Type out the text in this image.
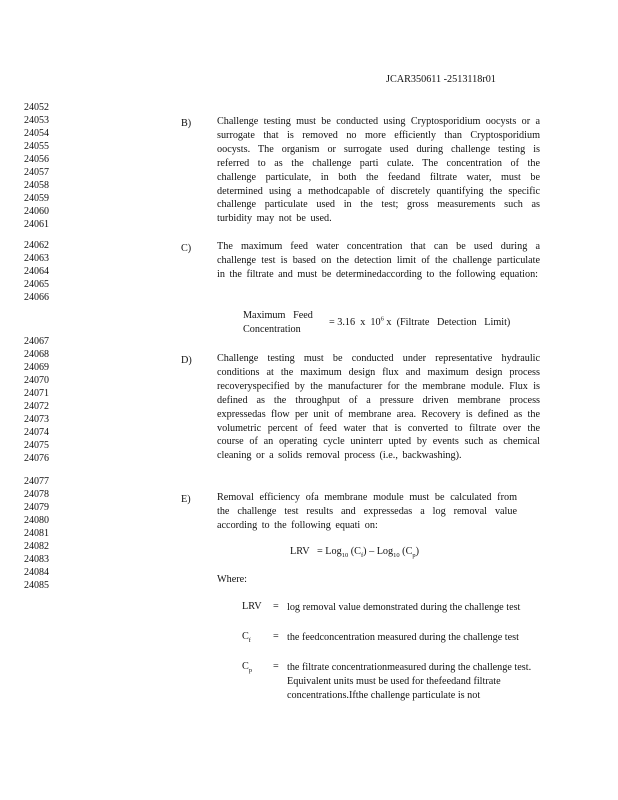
JCAR350611 -2513118r01
24052
24053
24054
24055
24056
24057
24058
24059
24060
24061
24062
24063
24064
24065
24066
24067
24068
24069
24070
24071
24072
24073
24074
24075
24076
24077
24078
24079
24080
24081
24082
24083
24084
24085
B)	Challenge testing must be conducted using Cryptosporidium oocysts or a surrogate that is removed no more efficiently than Cryptosporidium oocysts. The organism or surrogate used during challenge testing is referred to as the challenge parti culate. The concentration of the challenge particulate, in both the feedand filtrate water, must be determined using a methodcapable of discretely quantifying the specific challenge particulate used in the test; gross measurements such as turbidity may not be used.
C)	The maximum feed water concentration that can be used during a challenge test is based on the detection limit of the challenge particulate in the filtrate and must be determinedaccording to the following equation:
Maximum   Feed
Concentration
= 3.16  x  $10^6$ x  (Filtrate   Detection   Limit)
D) Challenge testing must be conducted under representative hydraulic conditions at the maximum design flux and maximum design process recoveryspecified by the manufacturer for the membrane module. Flux is defined as the throughput of a pressure driven membrane process expressedas flow per unit of membrane area. Recovery is defined as the volumetric percent of feed water that is converted to filtrate over the course of an operating cycle uninterr upted by events such as chemical cleaning or a solids removal process (i.e., backwashing).
E)	Removal efficiency ofa membrane module must be calculated from the challenge test results and expressedas a log removal value according to the following equati on:
LRV   = Log$_{10}$ $(C_f) - Log_{10}$ $(C_p)$
Where:
LRV = log removal value demonstrated during the challenge test
$C_f$ = the feedconcentration measured during the challenge test
$C_p$ = the filtrate concentrationmeasured during the challenge test. Equivalent units must be used for thefeedand filtrate concentrations.Ifthe challenge particulate is not
